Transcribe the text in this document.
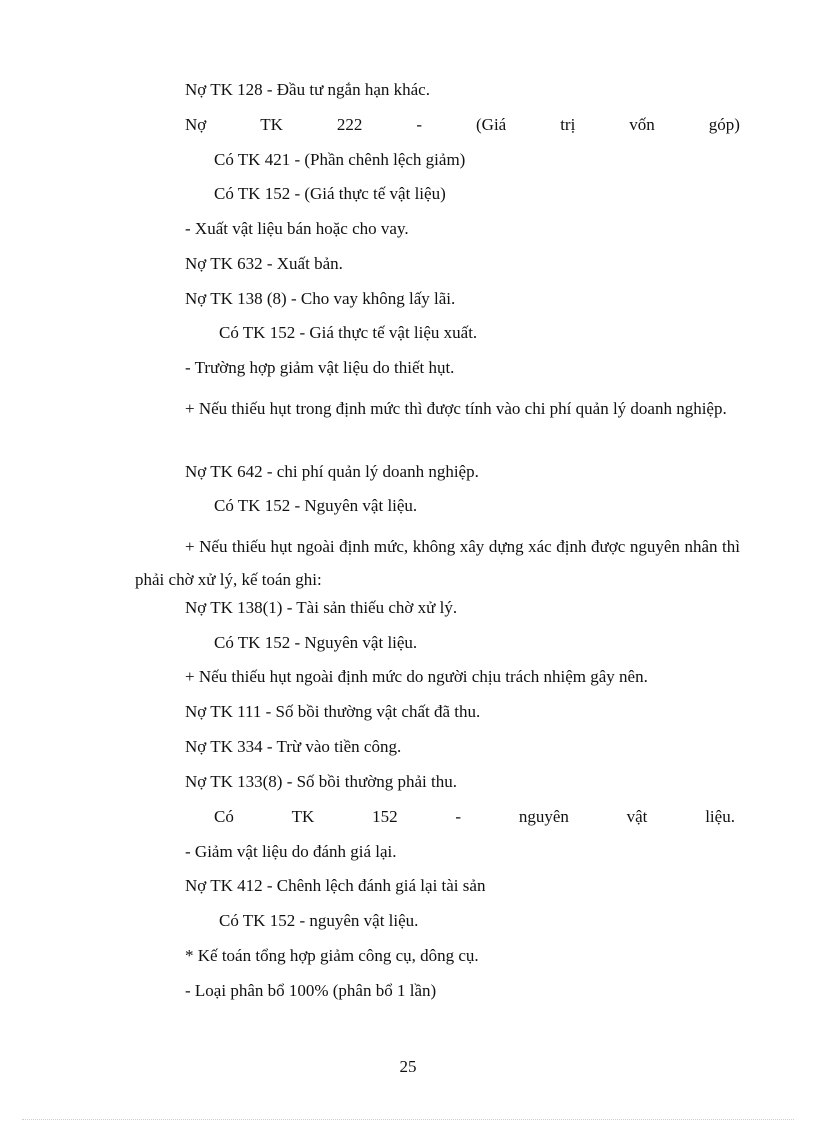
Nợ TK 128 - Đầu tư ngắn hạn khác.
Nợ	TK	222	-	(Giá	trị	vốn	góp)
Có TK 421 - (Phần chênh lệch giảm)
Có TK 152 - (Giá thực tế vật liệu)
- Xuất vật liệu bán hoặc cho vay.
Nợ TK 632 - Xuất bản.
Nợ TK 138 (8) - Cho vay không lấy lãi.
Có TK 152 - Giá thực tế vật liệu xuất.
- Trường hợp giảm vật liệu do thiết hụt.
+ Nếu thiếu hụt trong định mức thì được tính vào chi phí quản lý doanh nghiệp.
Nợ TK 642 - chi phí quản lý doanh nghiệp.
Có TK 152 - Nguyên vật liệu.
+ Nếu thiếu hụt ngoài định mức, không xây dựng xác định được nguyên nhân thì phải chờ xử lý, kế toán ghi:
Nợ TK 138(1) - Tài sản thiếu chờ xử lý.
Có TK 152 - Nguyên vật liệu.
+ Nếu thiếu hụt ngoài định mức do người chịu trách nhiệm gây nên.
Nợ TK 111 - Số bồi thường vật chất đã thu.
Nợ TK 334 - Trừ vào tiền công.
Nợ TK 133(8) - Số bồi thường phải thu.
Có	TK	152	-	nguyên	vật	liệu.
- Giảm vật liệu do đánh giá lại.
Nợ TK 412 - Chênh lệch đánh giá lại tài sản
Có TK 152 - nguyên vật liệu.
* Kế toán tổng hợp giảm công cụ, dông cụ.
- Loại phân bổ 100% (phân bổ 1 lần)
25
